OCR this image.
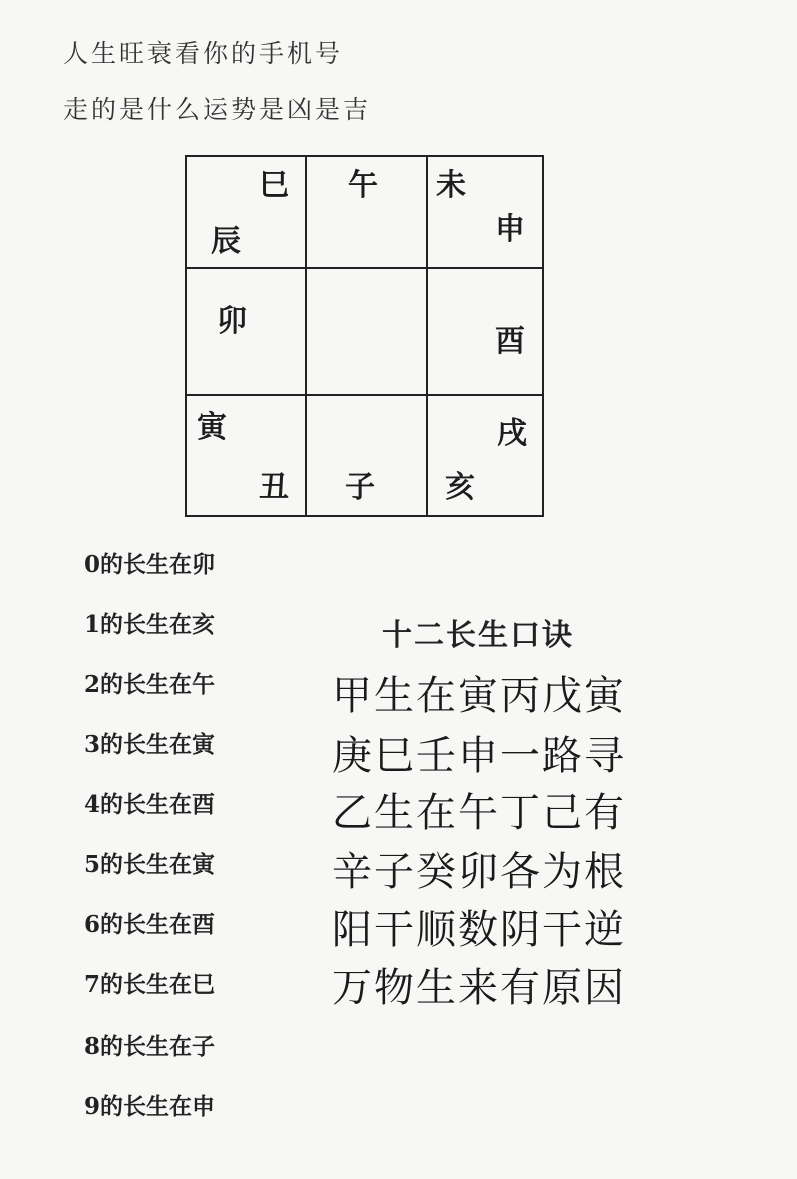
人生旺衰看你的手机号
走的是什么运势是凶是吉
巳 午 未
辰	申
卯
酉
寅	戌
丑 子 亥
0的长生在卯
1的长生在亥
2的长生在午
3的长生在寅
4的长生在酉
5的长生在寅
6的长生在酉
7的长生在巳
8的长生在子
9的长生在申
十二长生口诀
甲生在寅丙戊寅
庚巳壬申一路寻
乙生在午丁己有
辛子癸卯各为根
阳干顺数阴干逆
万物生来有原因
